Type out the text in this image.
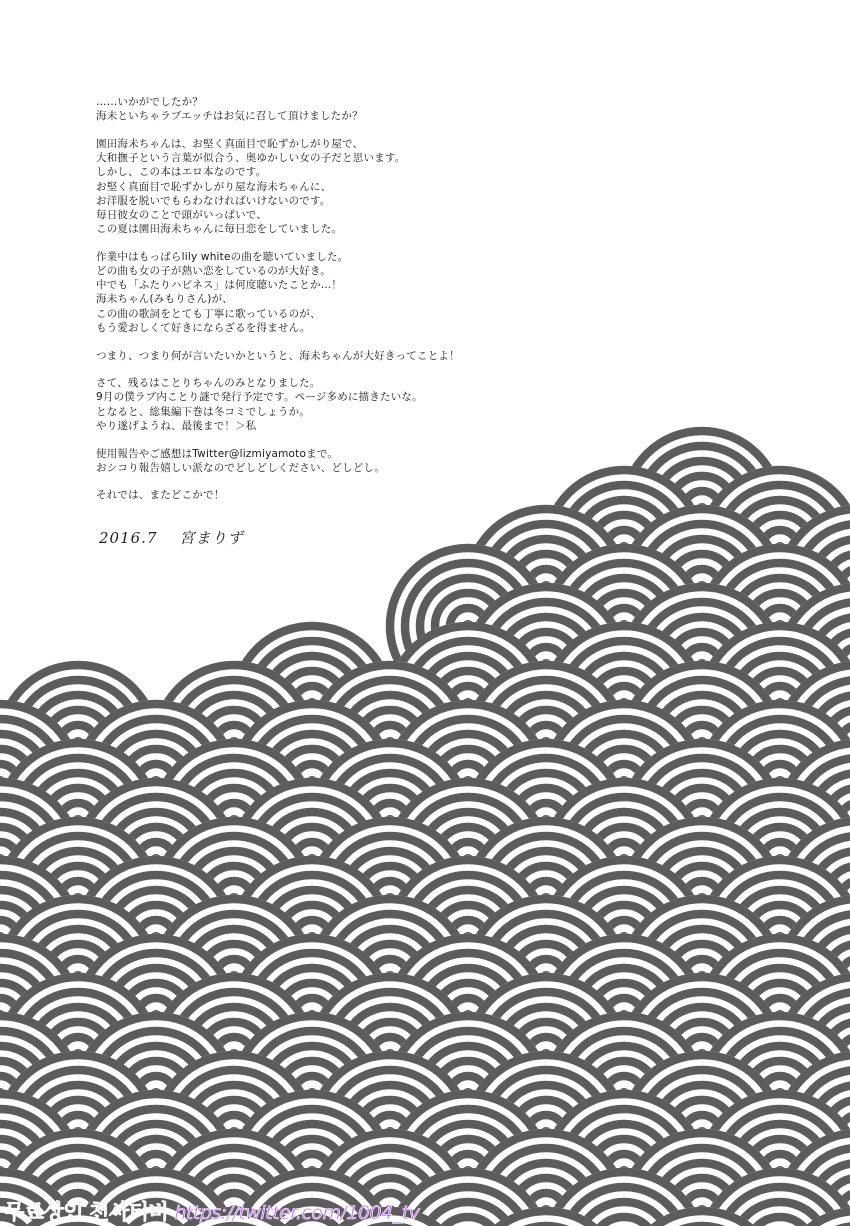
……いかがでしたか？
海未といちゃラブエッチはお気に召して頂けましたか？
園田海未ちゃんは、お堅く真面目で恥ずかしがり屋で、
大和撫子という言葉が似合う、奥ゆかしい女の子だと思います。
しかし、この本はエロ本なのです。
お堅く真面目で恥ずかしがり屋な海未ちゃんに、
お洋服を脱いでもらわなければいけないのです。
毎日彼女のことで頭がいっぱいで、
この夏は園田海未ちゃんに毎日恋をしていました。
作業中はもっぱらlily whiteの曲を聴いていました。
どの曲も女の子が熱い恋をしているのが大好き。
中でも「ふたりハピネス」は何度聴いたことか…！
海未ちゃん(みもりさん)が、
この曲の歌詞をとても丁寧に歌っているのが、
もう愛おしくて好きにならざるを得ません。
つまり、つまり何が言いたいかというと、海未ちゃんが大好きってことよ！
さて、残るはことりちゃんのみとなりました。
9月の僕ラブ内ことり謎で発行予定です。ページ多めに描きたいな。
となると、総集編下巻は冬コミでしょうか。
やり遂げようね、最後まで！＞私
使用報告やご感想はTwitter@lizmiyamotoまで。
おシコり報告嬉しい派なのでどしどしください、どしどし。
それでは、またどこかで！
2016.7 宮まりず
무료상인 천사티비 https://twitter.com/1004_tv
